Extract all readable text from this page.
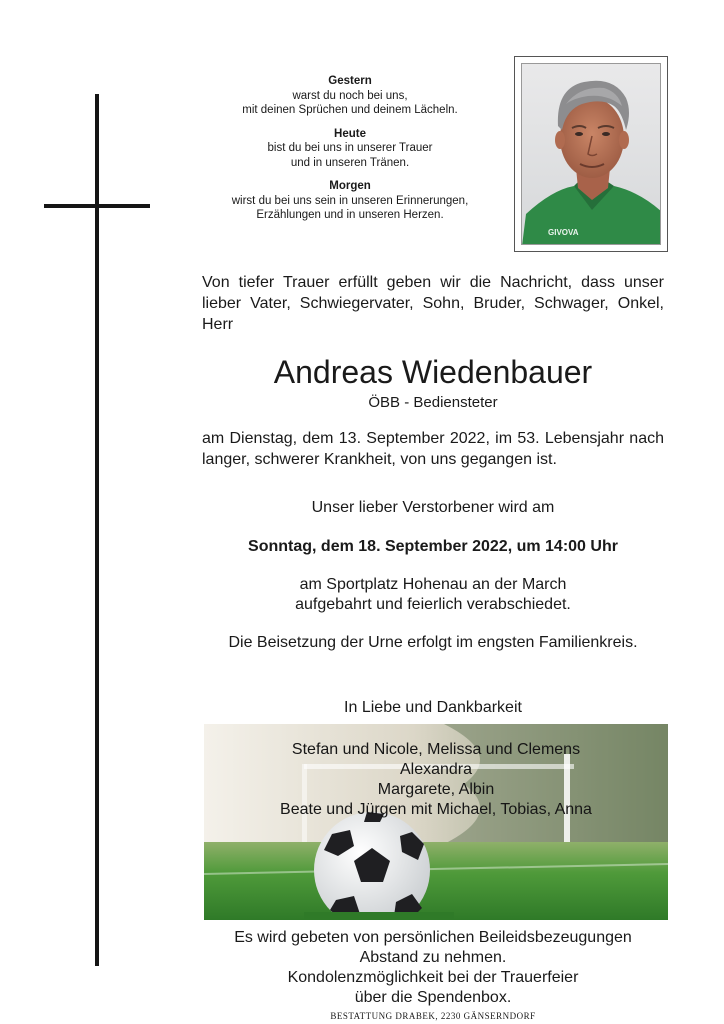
Gestern
warst du noch bei uns,
mit deinen Sprüchen und deinem Lächeln.
Heute
bist du bei uns in unserer Trauer
und in unseren Tränen.
Morgen
wirst du bei uns sein in unseren Erinnerungen,
Erzählungen und in unseren Herzen.
GIVOVA
Von tiefer Trauer erfüllt geben wir die Nachricht, dass unser lieber Vater, Schwiegervater, Sohn, Bruder, Schwager, Onkel, Herr
Andreas Wiedenbauer
ÖBB - Bediensteter
am Dienstag, dem 13. September 2022, im 53. Lebensjahr nach langer, schwerer Krankheit, von uns gegangen ist.
Unser lieber Verstorbener wird am
Sonntag, dem 18. September 2022, um 14:00 Uhr
am Sportplatz Hohenau an der March
aufgebahrt und feierlich verabschiedet.
Die Beisetzung der Urne erfolgt im engsten Familienkreis.
In Liebe und Dankbarkeit
Stefan und Nicole, Melissa und Clemens
Alexandra
Margarete, Albin
Beate und Jürgen mit Michael, Tobias, Anna
Es wird gebeten von persönlichen Beileidsbezeugungen
Abstand zu nehmen.
Kondolenzmöglichkeit bei der Trauerfeier
über die Spendenbox.
BESTATTUNG DRABEK, 2230 GÄNSERNDORF
